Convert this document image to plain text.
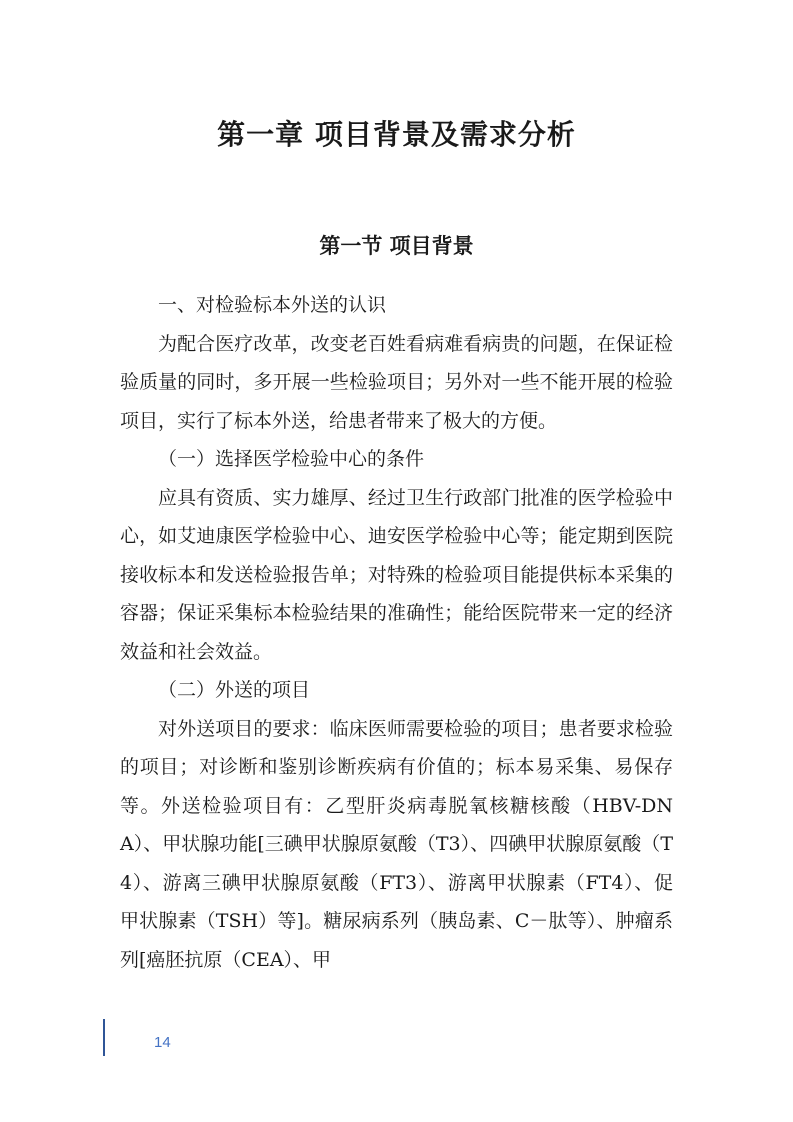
第一章 项目背景及需求分析
第一节 项目背景

一、对检验标本外送的认识

为配合医疗改革，改变老百姓看病难看病贵的问题，在保证检验质量的同时，多开展一些检验项目；另外对一些不能开展的检验项目，实行了标本外送，给患者带来了极大的方便。

（一）选择医学检验中心的条件

应具有资质、实力雄厚、经过卫生行政部门批准的医学检验中心，如艾迪康医学检验中心、迪安医学检验中心等；能定期到医院接收标本和发送检验报告单；对特殊的检验项目能提供标本采集的容器；保证采集标本检验结果的准确性；能给医院带来一定的经济效益和社会效益。

（二）外送的项目

对外送项目的要求：临床医师需要检验的项目；患者要求检验的项目；对诊断和鉴别诊断疾病有价值的；标本易采集、易保存等。外送检验项目有：乙型肝炎病毒脱氧核糖核酸（HBV-DNA）、甲状腺功能[三碘甲状腺原氨酸（T3）、四碘甲状腺原氨酸（T4）、游离三碘甲状腺原氨酸（FT3）、游离甲状腺素（FT4）、促甲状腺素（TSH）等]。糖尿病系列（胰岛素、C－肽等）、肿瘤系列[癌胚抗原（CEA）、甲

14
